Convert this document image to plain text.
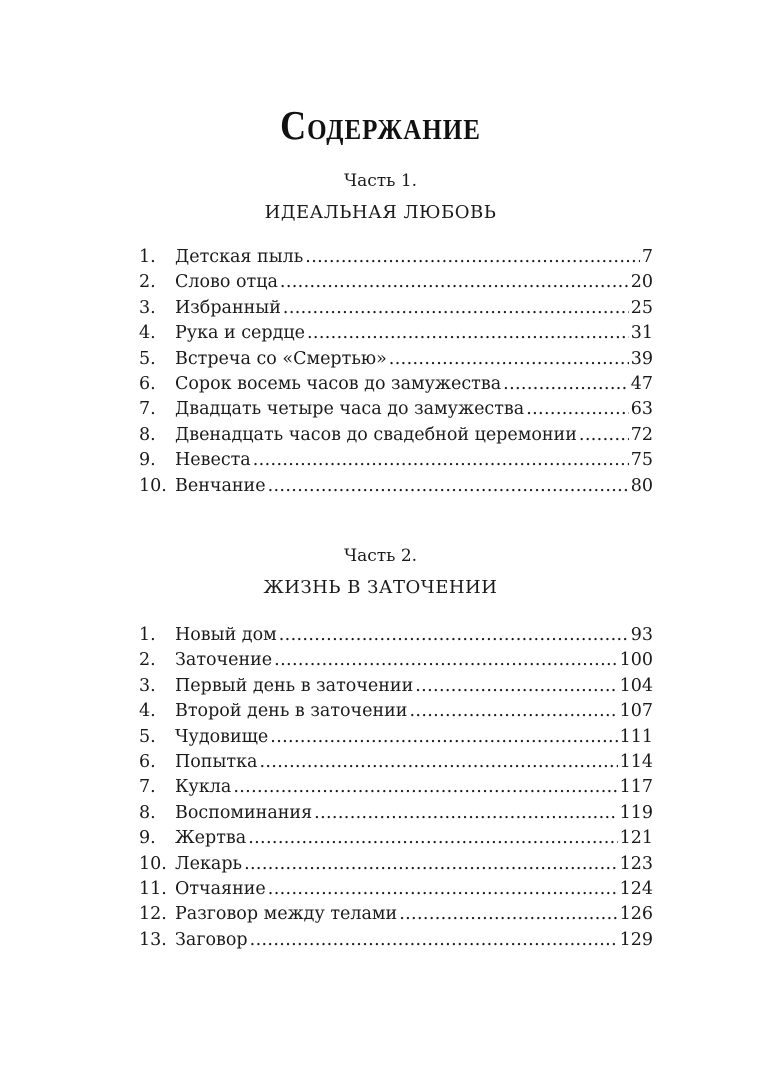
Содержание
Часть 1.
ИДЕАЛЬНАЯ ЛЮБОВЬ
1.	Детская пыль . . .	7
2.	Слово отца . . .	20
3.	Избранный . . .	25
4.	Рука и сердце . . .	31
5.	Встреча со «Смертью» . . .	39
6.	Сорок восемь часов до замужества . . .	47
7.	Двадцать четыре часа до замужества . . .	63
8.	Двенадцать часов до свадебной церемонии . . .	72
9.	Невеста . . .	75
10. Венчание . . .	80
Часть 2.
ЖИЗНЬ В ЗАТОЧЕНИИ
1.	Новый дом . . .	93
2.	Заточение . . .	100
3.	Первый день в заточении . . .	104
4.	Второй день в заточении . . .	107
5.	Чудовище . . .	111
6.	Попытка . . .	114
7.	Кукла . . .	117
8.	Воспоминания . . .	119
9.	Жертва . . .	121
10. Лекарь . . .	123
11. Отчаяние . . .	124
12. Разговор между телами . . .	126
13. Заговор . . .	129
